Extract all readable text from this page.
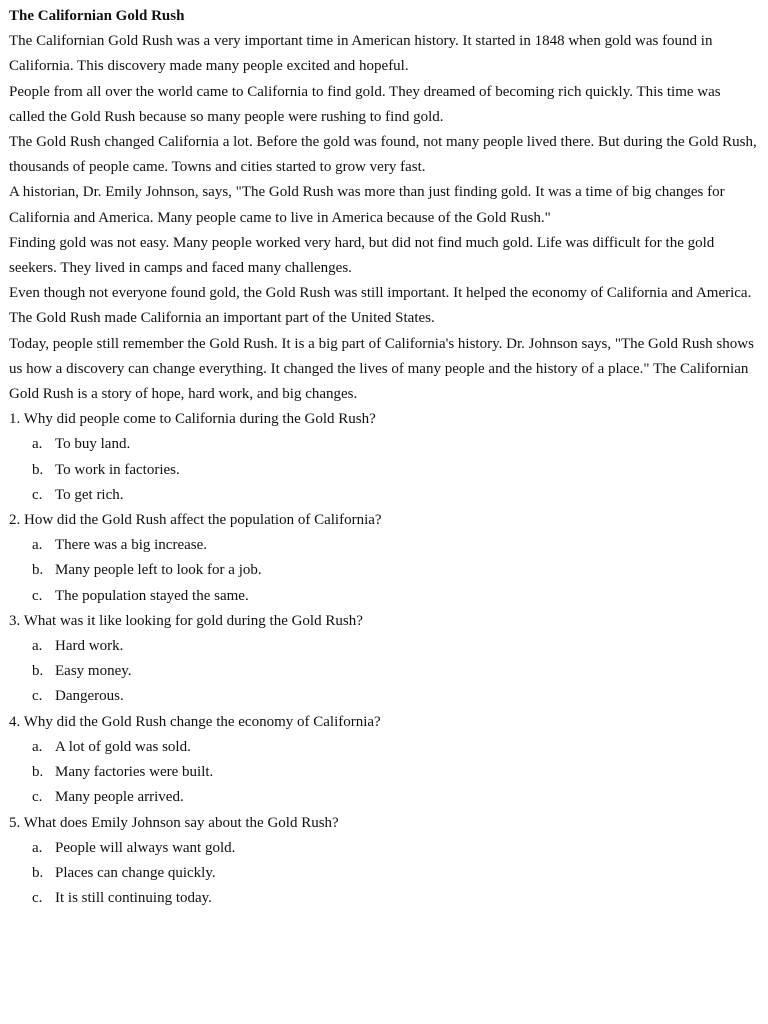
The Californian Gold Rush

The Californian Gold Rush was a very important time in American history. It started in 1848 when gold was found in California. This discovery made many people excited and hopeful.

People from all over the world came to California to find gold. They dreamed of becoming rich quickly. This time was called the Gold Rush because so many people were rushing to find gold.

The Gold Rush changed California a lot. Before the gold was found, not many people lived there. But during the Gold Rush, thousands of people came. Towns and cities started to grow very fast.

A historian, Dr. Emily Johnson, says, "The Gold Rush was more than just finding gold. It was a time of big changes for California and America. Many people came to live in America because of the Gold Rush."

Finding gold was not easy. Many people worked very hard, but did not find much gold. Life was difficult for the gold seekers. They lived in camps and faced many challenges.

Even though not everyone found gold, the Gold Rush was still important. It helped the economy of California and America. The Gold Rush made California an important part of the United States.

Today, people still remember the Gold Rush. It is a big part of California's history. Dr. Johnson says, "The Gold Rush shows us how a discovery can change everything. It changed the lives of many people and the history of a place." The Californian Gold Rush is a story of hope, hard work, and big changes.

1. Why did people come to California during the Gold Rush?

a. To buy land.
b. To work in factories.
c. To get rich.

2. How did the Gold Rush affect the population of California?

a. There was a big increase.
b. Many people left to look for a job.
c. The population stayed the same.

3. What was it like looking for gold during the Gold Rush?

a. Hard work.
b. Easy money.
c. Dangerous.

4. Why did the Gold Rush change the economy of California?

a. A lot of gold was sold.
b. Many factories were built.
c. Many people arrived.

5. What does Emily Johnson say about the Gold Rush?

a. People will always want gold.
b. Places can change quickly.
c. It is still continuing today.
